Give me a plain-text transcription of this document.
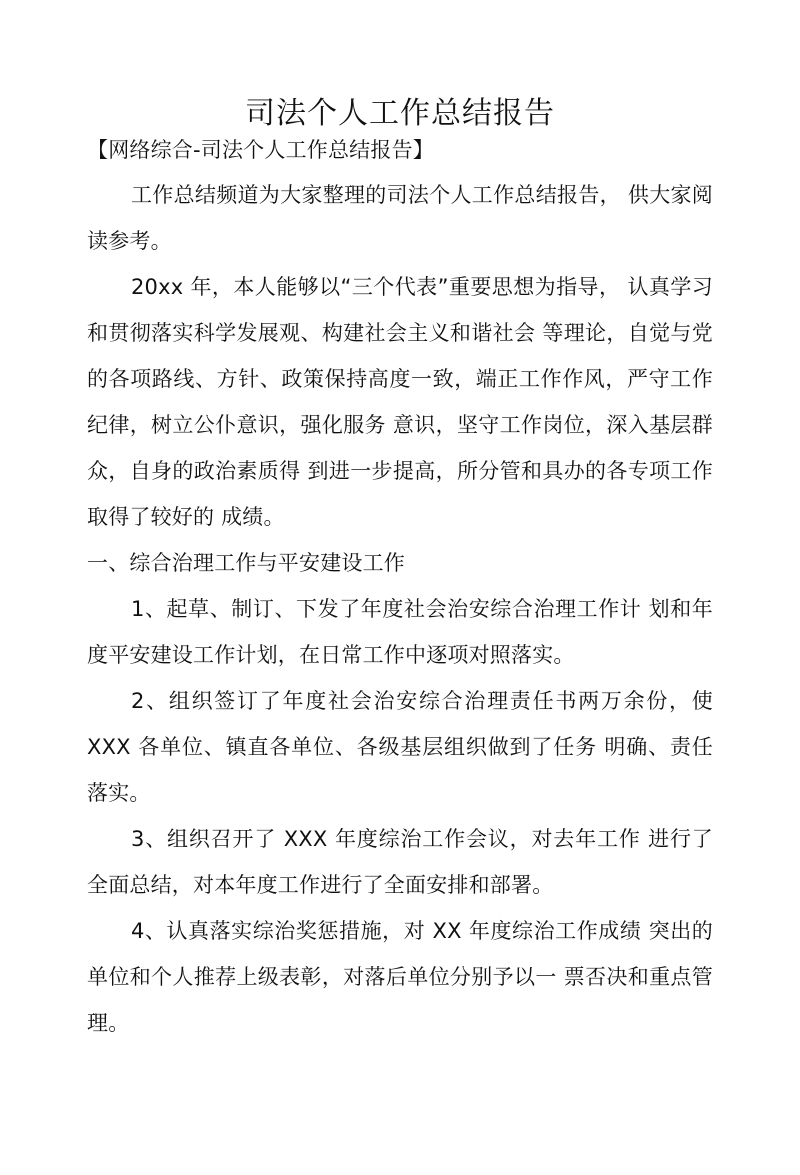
司法个人工作总结报告
【网络综合-司法个人工作总结报告】

工作总结频道为大家整理的司法个人工作总结报告， 供大家阅读参考。

20xx 年，本人能够以“三个代表”重要思想为指导， 认真学习和贯彻落实科学发展观、构建社会主义和谐社会 等理论，自觉与党的各项路线、方针、政策保持高度一致，端正工作作风，严守工作纪律，树立公仆意识，强化服务 意识，坚守工作岗位，深入基层群众，自身的政治素质得 到进一步提高，所分管和具办的各专项工作取得了较好的 成绩。

一、综合治理工作与平安建设工作

1、起草、制订、下发了年度社会治安综合治理工作计 划和年度平安建设工作计划，在日常工作中逐项对照落实。

2、组织签订了年度社会治安综合治理责任书两万余份，使 XXX 各单位、镇直各单位、各级基层组织做到了任务 明确、责任落实。

3、组织召开了 XXX 年度综治工作会议，对去年工作 进行了全面总结，对本年度工作进行了全面安排和部署。

4、认真落实综治奖惩措施，对 XX 年度综治工作成绩 突出的单位和个人推荐上级表彰，对落后单位分别予以一 票否决和重点管理。
